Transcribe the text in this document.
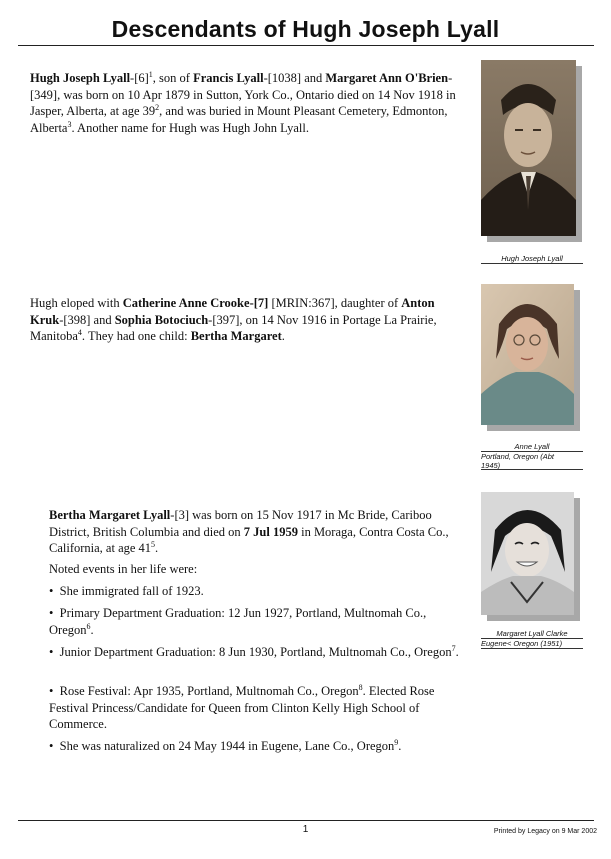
Descendants of Hugh Joseph Lyall
Hugh Joseph Lyall-$[6]^1$, son of Francis Lyall-[1038] and Margaret Ann O'Brien-[349], was born on 10 Apr 1879 in Sutton, York Co., Ontario died on 14 Nov 1918 in Jasper, Alberta, at age $39^2$, and was buried in Mount Pleasant Cemetery, Edmonton, Alberta$^3$. Another name for Hugh was Hugh John Lyall.
Hugh Joseph Lyall
Hugh eloped with Catherine Anne Crooke-[7] [MRIN:367], daughter of Anton Kruk-[398] and Sophia Botociuch-[397], on 14 Nov 1916 in Portage La Prairie, Manitoba$^4$. They had one child: Bertha Margaret.
Anne Lyall
Portland, Oregon (Abt
1945)
Bertha Margaret Lyall-[3] was born on 15 Nov 1917 in Mc Bride, Cariboo District, British Columbia and died on 7 Jul 1959 in Moraga, Contra Costa Co., California, at age $41^5$.
Noted events in her life were:
•  She immigrated fall of 1923.
•  Primary Department Graduation: 12 Jun 1927, Portland, Multnomah Co., Oregon$^6$.
•  Junior Department Graduation: 8 Jun 1930, Portland, Multnomah Co., Oregon$^7$.
•  Rose Festival: Apr 1935, Portland, Multnomah Co., Oregon$^8$. Elected Rose Festival Princess/Candidate for Queen from Clinton Kelly High School of Commerce.
•  She was naturalized on 24 May 1944 in Eugene, Lane Co., Oregon$^9$.
Margaret Lyall Clarke
Eugene< Oregon (1951)
1	Printed by Legacy on 9 Mar 2002
